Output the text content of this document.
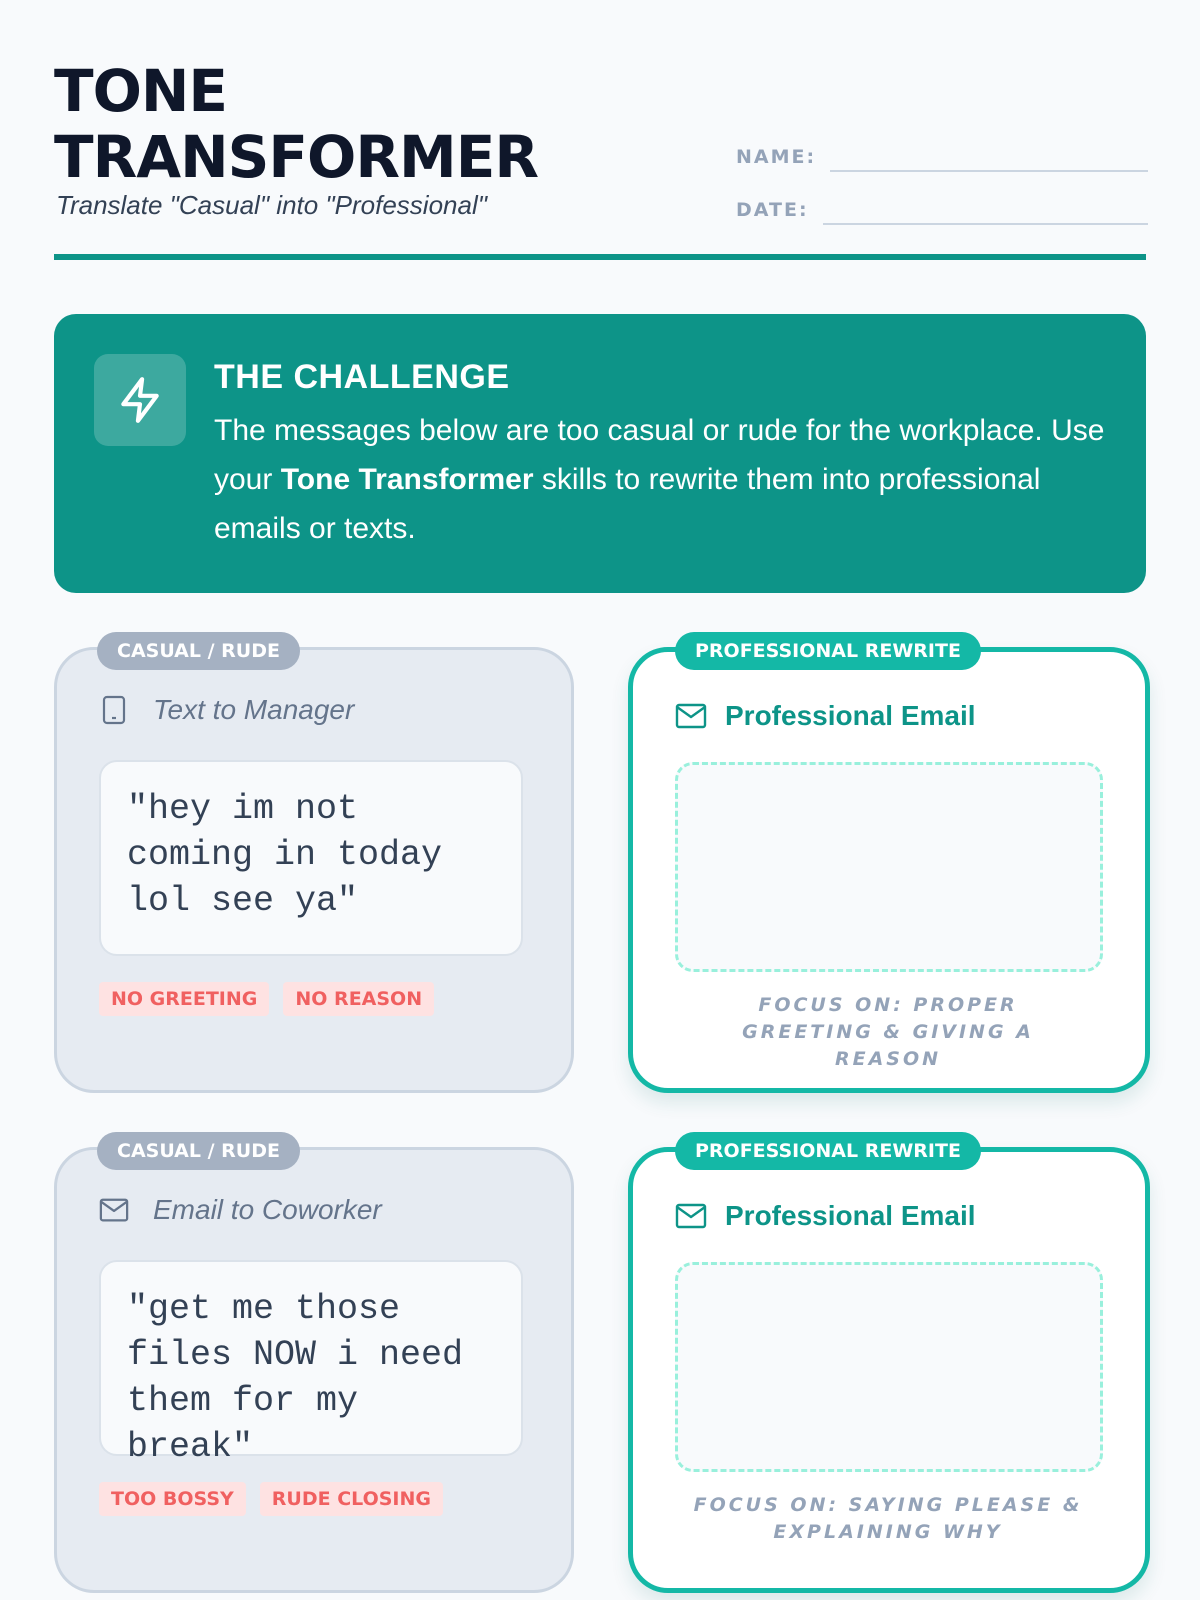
TONE
TRANSFORMER

Translate "Casual" into "Professional"

NAME:
DATE:
THE CHALLENGE

The messages below are too casual or rude for the workplace. Use your Tone Transformer skills to rewrite them into professional emails or texts.

CASUAL / RUDE
Text to Manager
"hey im not coming in today lol see ya"
NO GREETING	NO REASON
PROFESSIONAL REWRITE
Professional Email
FOCUS ON: PROPER GREETING & GIVING A REASON
CASUAL / RUDE
Email to Coworker
"get me those files NOW i need them for my break"
TOO BOSSY	RUDE CLOSING
PROFESSIONAL REWRITE
Professional Email
FOCUS ON: SAYING PLEASE & EXPLAINING WHY
